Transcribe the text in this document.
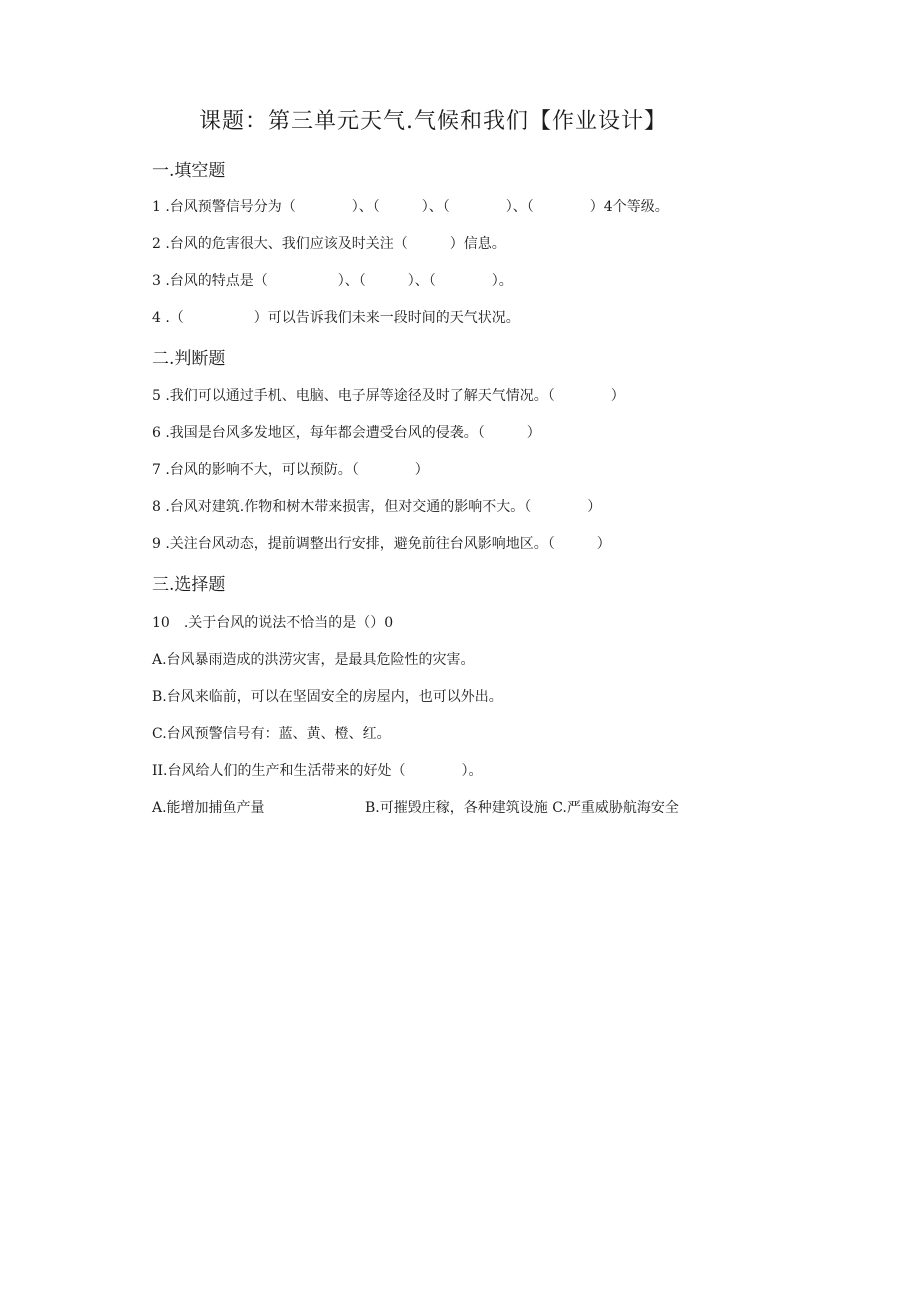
课题：第三单元天气.气候和我们【作业设计】
一.填空题
1 .台风预警信号分为（　　　　）、（　　　）、（　　　　）、（　　　　）4个等级。
2 .台风的危害很大、我们应该及时关注（　　　）信息。
3 .台风的特点是（　　　　　）、（　　　）、（　　　　）。
4 .（　　　　　）可以告诉我们未来一段时间的天气状况。
二.判断题
5 .我们可以通过手机、电脑、电子屏等途径及时了解天气情况。（　　　　）
6 .我国是台风多发地区，每年都会遭受台风的侵袭。（　　　）
7 .台风的影响不大，可以预防。（　　　　）
8 .台风对建筑.作物和树木带来损害，但对交通的影响不大。（　　　　）
9 .关注台风动态，提前调整出行安排，避免前往台风影响地区。（　　　）
三.选择题
10　.关于台风的说法不恰当的是（）0
A.台风暴雨造成的洪涝灾害，是最具危险性的灾害。
B.台风来临前，可以在坚固安全的房屋内，也可以外出。
C.台风预警信号有：蓝、黄、橙、红。
II.台风给人们的生产和生活带来的好处（　　　　）。
A.能增加捕鱼产量	B.可摧毁庄稼，各种建筑设施 C.严重威胁航海安全
